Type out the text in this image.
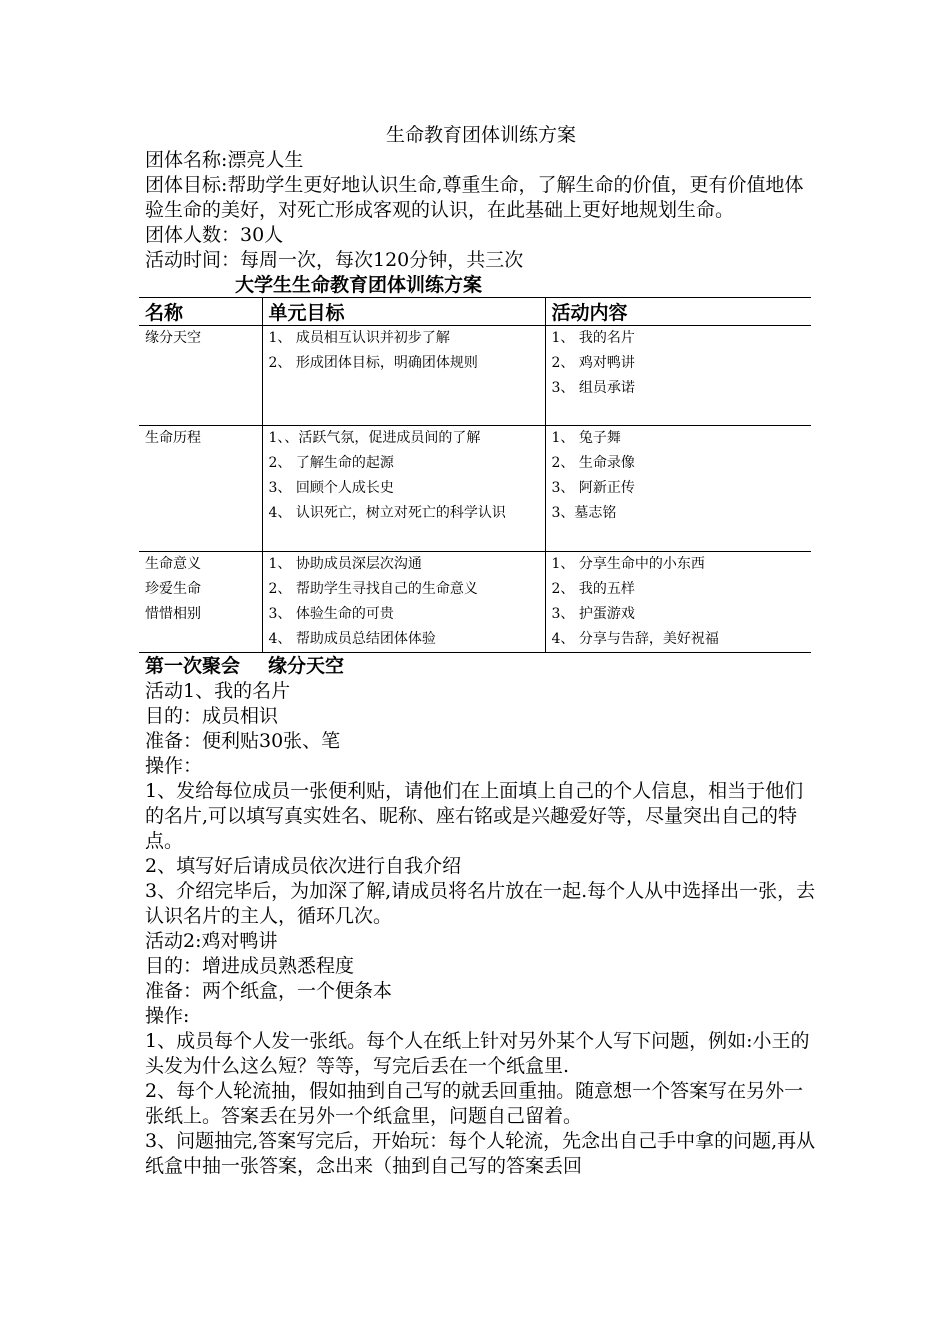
生命教育团体训练方案

团体名称:漂亮人生

团体目标:帮助学生更好地认识生命,尊重生命，了解生命的价值，更有价值地体验生命的美好，对死亡形成客观的认识，在此基础上更好地规划生命。

团体人数：30人

活动时间：每周一次，每次120分钟，共三次

大学生生命教育团体训练方案
名称	单元目标	活动内容

缘分天空	1、 成员相互认识并初步了解
2、 形成团体目标，明确团体规则	1、 我的名片
2、 鸡对鸭讲
3、 组员承诺

生命历程	1、、活跃气氛，促进成员间的了解
2、 了解生命的起源
3、 回顾个人成长史
4、 认识死亡，树立对死亡的科学认识	1、 兔子舞
2、 生命录像
3、 阿新正传
3、墓志铭

生命意义
珍爱生命
惜惜相别	1、 协助成员深层次沟通
2、 帮助学生寻找自己的生命意义
3、 体验生命的可贵
4、 帮助成员总结团体体验	1、 分享生命中的小东西
2、 我的五样
3、 护蛋游戏
4、 分享与告辞，美好祝福

第一次聚会 缘分天空

活动1、我的名片

目的：成员相识

准备：便利贴30张、笔

操作：

1、发给每位成员一张便利贴，请他们在上面填上自己的个人信息，相当于他们的名片,可以填写真实姓名、昵称、座右铭或是兴趣爱好等，尽量突出自己的特点。

2、填写好后请成员依次进行自我介绍

3、介绍完毕后，为加深了解,请成员将名片放在一起.每个人从中选择出一张，去认识名片的主人，循环几次。

活动2:鸡对鸭讲

目的：增进成员熟悉程度

准备：两个纸盒，一个便条本

操作:

1、成员每个人发一张纸。每个人在纸上针对另外某个人写下问题，例如:小王的头发为什么这么短？等等，写完后丢在一个纸盒里.

2、每个人轮流抽，假如抽到自己写的就丢回重抽。随意想一个答案写在另外一张纸上。答案丢在另外一个纸盒里，问题自己留着。

3、问题抽完,答案写完后，开始玩：每个人轮流，先念出自己手中拿的问题,再从纸盒中抽一张答案，念出来（抽到自己写的答案丢回
